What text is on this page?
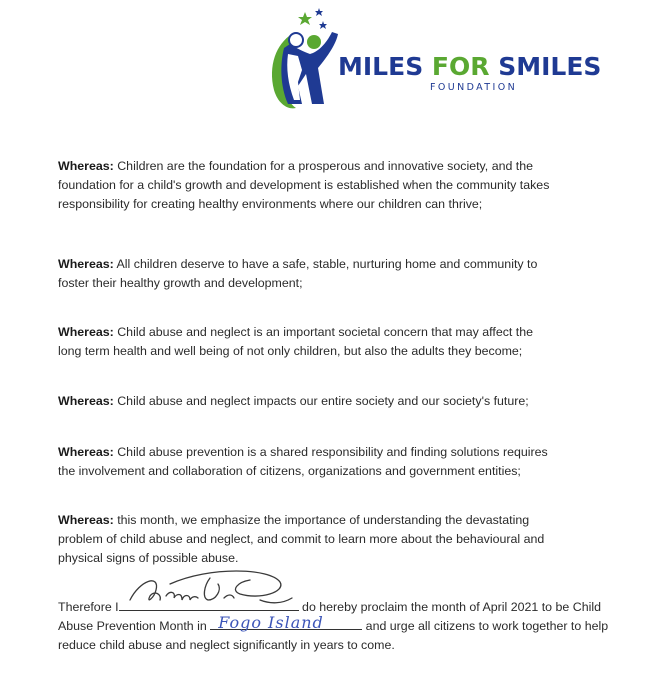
MILES FOR SMILES
FOUNDATION

Whereas: Children are the foundation for a prosperous and innovative society, and the foundation for a child's growth and development is established when the community takes responsibility for creating healthy environments where our children can thrive;

Whereas: All children deserve to have a safe, stable, nurturing home and community to foster their healthy growth and development;

Whereas: Child abuse and neglect is an important societal concern that may affect the long term health and well being of not only children, but also the adults they become;

Whereas: Child abuse and neglect impacts our entire society and our society's future;

Whereas: Child abuse prevention is a shared responsibility and finding solutions requires the involvement and collaboration of citizens, organizations and government entities;

Whereas: this month, we emphasize the importance of understanding the devastating problem of child abuse and neglect, and commit to learn more about the behavioural and physical signs of possible abuse.

Therefore I	do hereby proclaim the month of April 2021 to be Child Abuse Prevention Month in Fogo Island	and urge all citizens to work together to help reduce child abuse and neglect significantly in years to come.
